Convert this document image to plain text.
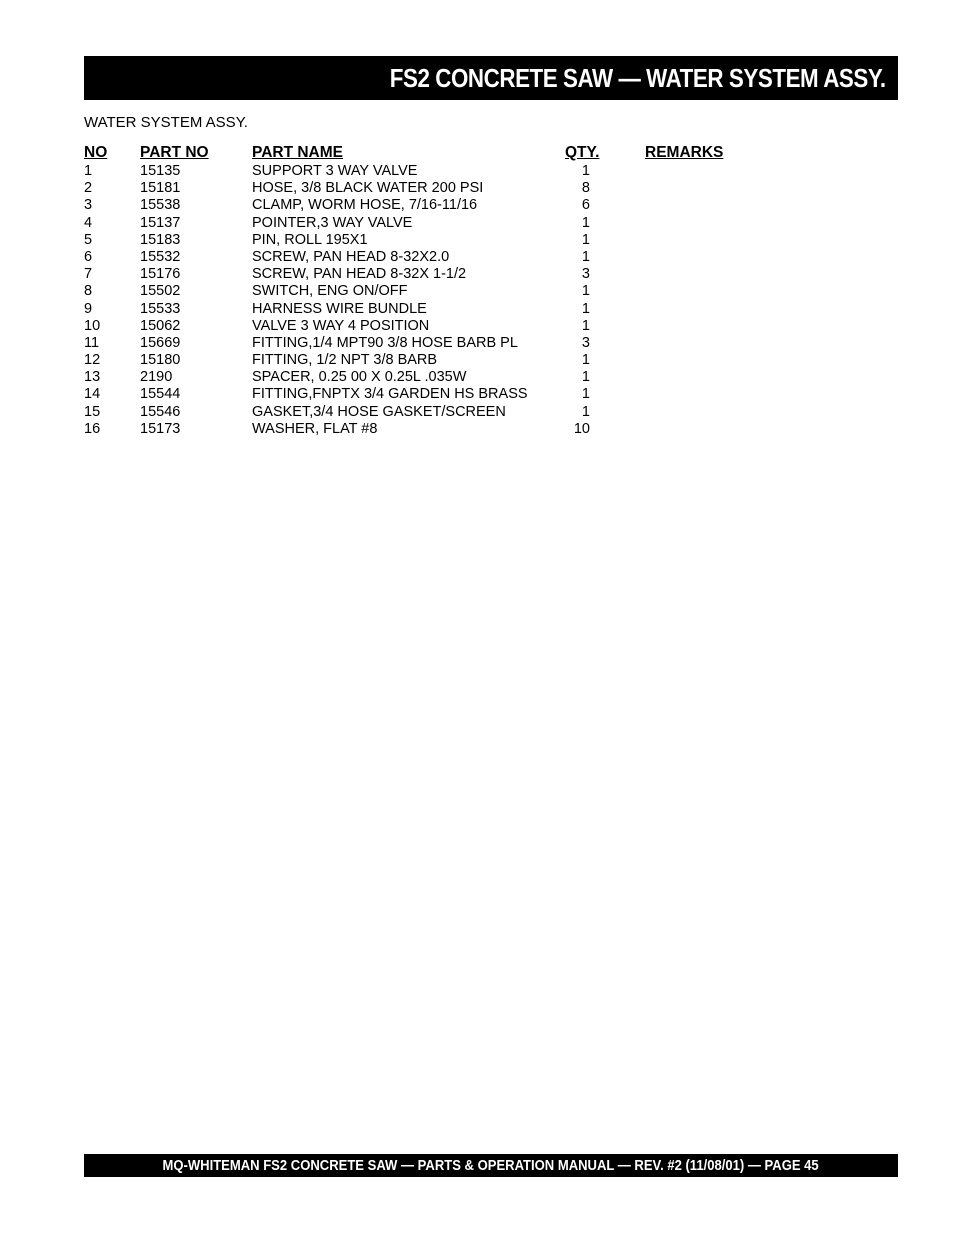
FS2 CONCRETE SAW — WATER SYSTEM ASSY.
WATER SYSTEM ASSY.
NO PART NO	PART NAME	QTY.	REMARKS
1	15135	SUPPORT 3 WAY VALVE	1
2	15181	HOSE, 3/8 BLACK WATER 200 PSI	8
3	15538	CLAMP, WORM HOSE, 7/16-11/16	6
4	15137	POINTER,3 WAY VALVE	1
5	15183	PIN, ROLL 195X1	1
6	15532	SCREW, PAN HEAD 8-32X2.0	1
7	15176	SCREW, PAN HEAD 8-32X 1-1/2	3
8	15502	SWITCH, ENG ON/OFF	1
9	15533	HARNESS WIRE BUNDLE	1
10	15062	VALVE 3 WAY 4 POSITION	1
11	15669	FITTING,1/4 MPT90 3/8 HOSE BARB PL	3
12	15180	FITTING, 1/2 NPT 3/8 BARB	1
13	2190	SPACER, 0.25 00 X 0.25L .035W	1
14	15544	FITTING,FNPTX 3/4 GARDEN HS BRASS	1
15	15546	GASKET,3/4 HOSE GASKET/SCREEN	1
16	15173	WASHER, FLAT #8	10
MQ-WHITEMAN FS2 CONCRETE SAW — PARTS & OPERATION MANUAL — REV. #2 (11/08/01) — PAGE 45
